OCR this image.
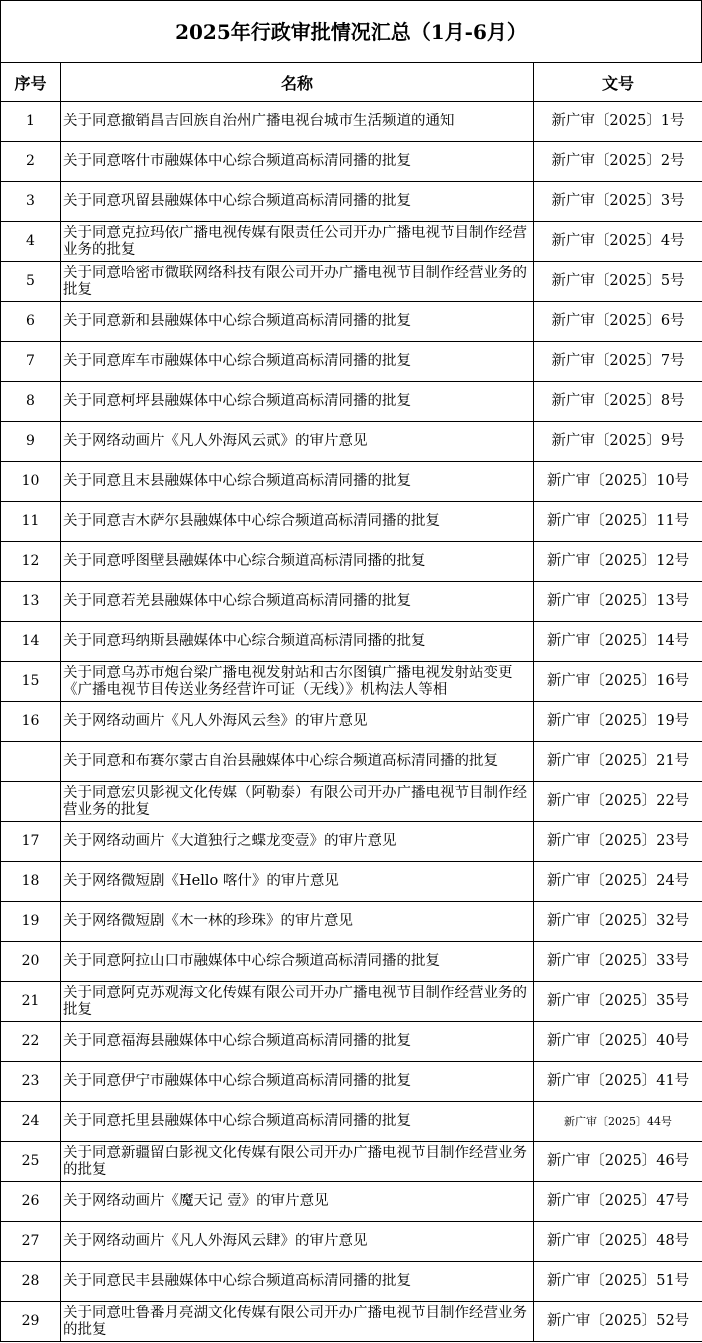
2025年行政审批情况汇总（1月-6月）
序号	名称	文号
1	关于同意撤销昌吉回族自治州广播电视台城市生活频道的通知	新广审〔2025〕1号
2	关于同意喀什市融媒体中心综合频道高标清同播的批复	新广审〔2025〕2号
3	关于同意巩留县融媒体中心综合频道高标清同播的批复	新广审〔2025〕3号
4	关于同意克拉玛依广播电视传媒有限责任公司开办广播电视节目制作经营业务的批复	新广审〔2025〕4号
5	关于同意哈密市微联网络科技有限公司开办广播电视节目制作经营业务的批复	新广审〔2025〕5号
6	关于同意新和县融媒体中心综合频道高标清同播的批复	新广审〔2025〕6号
7	关于同意库车市融媒体中心综合频道高标清同播的批复	新广审〔2025〕7号
8	关于同意柯坪县融媒体中心综合频道高标清同播的批复	新广审〔2025〕8号
9	关于网络动画片《凡人外海风云贰》的审片意见	新广审〔2025〕9号
10	关于同意且末县融媒体中心综合频道高标清同播的批复	新广审〔2025〕10号
11	关于同意吉木萨尔县融媒体中心综合频道高标清同播的批复	新广审〔2025〕11号
12	关于同意呼图壁县融媒体中心综合频道高标清同播的批复	新广审〔2025〕12号
13	关于同意若羌县融媒体中心综合频道高标清同播的批复	新广审〔2025〕13号
14	关于同意玛纳斯县融媒体中心综合频道高标清同播的批复	新广审〔2025〕14号
15	关于同意乌苏市炮台梁广播电视发射站和古尔图镇广播电视发射站变更《广播电视节目传送业务经营许可证（无线）》机构法人等相	新广审〔2025〕16号
16	关于网络动画片《凡人外海风云叁》的审片意见	新广审〔2025〕19号

	关于同意和布赛尔蒙古自治县融媒体中心综合频道高标清同播的批复	新广审〔2025〕21号

	关于同意宏贝影视文化传媒（阿勒泰）有限公司开办广播电视节目制作经营业务的批复	新广审〔2025〕22号
17	关于网络动画片《大道独行之蝶龙变壹》的审片意见	新广审〔2025〕23号
18	关于网络微短剧《Hello 喀什》的审片意见	新广审〔2025〕24号
19	关于网络微短剧《木一林的珍珠》的审片意见	新广审〔2025〕32号
20	关于同意阿拉山口市融媒体中心综合频道高标清同播的批复	新广审〔2025〕33号
21	关于同意阿克苏观海文化传媒有限公司开办广播电视节目制作经营业务的批复	新广审〔2025〕35号
22	关于同意福海县融媒体中心综合频道高标清同播的批复	新广审〔2025〕40号
23	关于同意伊宁市融媒体中心综合频道高标清同播的批复	新广审〔2025〕41号
24	关于同意托里县融媒体中心综合频道高标清同播的批复	新广审〔2025〕44号
25	关于同意新疆留白影视文化传媒有限公司开办广播电视节目制作经营业务的批复	新广审〔2025〕46号
26	关于网络动画片《魔天记 壹》的审片意见	新广审〔2025〕47号
27	关于网络动画片《凡人外海风云肆》的审片意见	新广审〔2025〕48号
28	关于同意民丰县融媒体中心综合频道高标清同播的批复	新广审〔2025〕51号
29	关于同意吐鲁番月亮湖文化传媒有限公司开办广播电视节目制作经营业务的批复	新广审〔2025〕52号
